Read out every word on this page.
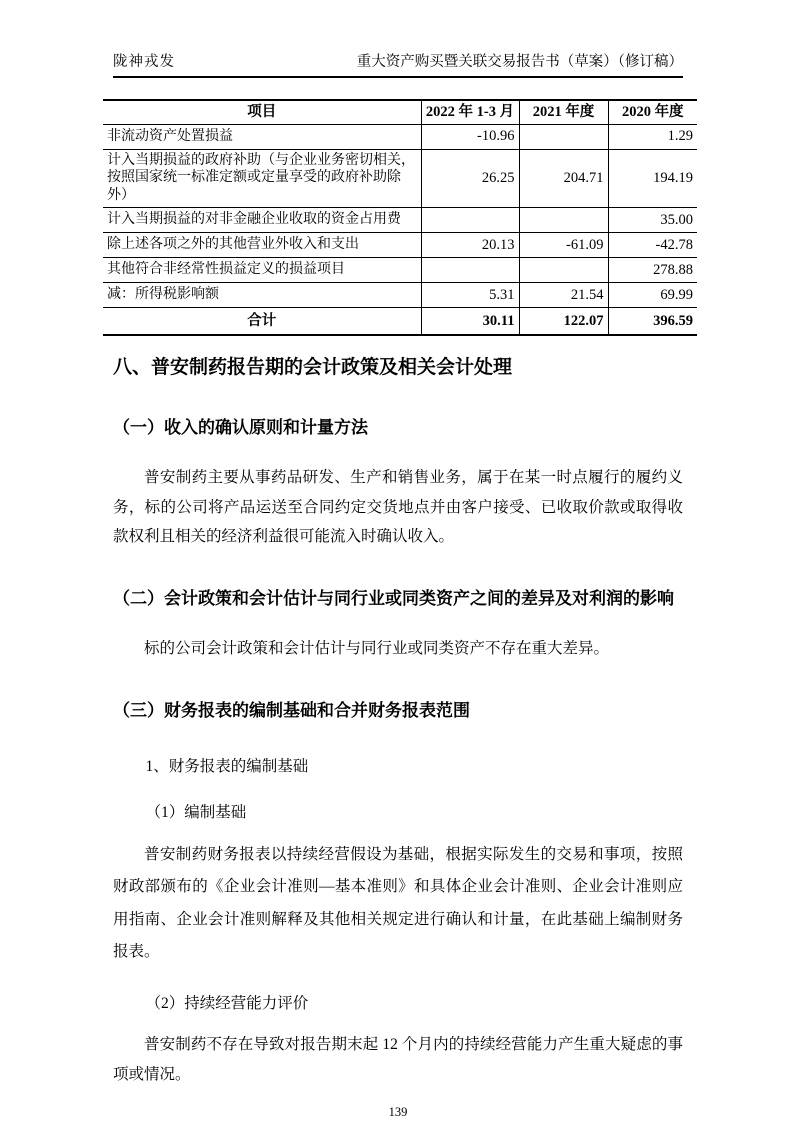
陇神戎发	重大资产购买暨关联交易报告书（草案）（修订稿）
项目	2022 年 1-3 月	2021 年度	2020 年度
非流动资产处置损益	-10.96		1.29
计入当期损益的政府补助（与企业业务密切相关，按照国家统一标准定额或定量享受的政府补助除外）	26.25	204.71	194.19
计入当期损益的对非金融企业收取的资金占用费			35.00
除上述各项之外的其他营业外收入和支出	20.13	-61.09	-42.78
其他符合非经常性损益定义的损益项目			278.88
减：所得税影响额	5.31	21.54	69.99
合计	30.11	122.07	396.59
八、普安制药报告期的会计政策及相关会计处理
（一）收入的确认原则和计量方法

普安制药主要从事药品研发、生产和销售业务，属于在某一时点履行的履约义务，标的公司将产品运送至合同约定交货地点并由客户接受、已收取价款或取得收款权利且相关的经济利益很可能流入时确认收入。

（二）会计政策和会计估计与同行业或同类资产之间的差异及对利润的影响

标的公司会计政策和会计估计与同行业或同类资产不存在重大差异。

（三）财务报表的编制基础和合并财务报表范围
1、财务报表的编制基础
（1）编制基础

普安制药财务报表以持续经营假设为基础，根据实际发生的交易和事项，按照财政部颁布的《企业会计准则—基本准则》和具体企业会计准则、企业会计准则应用指南、企业会计准则解释及其他相关规定进行确认和计量，在此基础上编制财务报表。

（2）持续经营能力评价

普安制药不存在导致对报告期末起 12 个月内的持续经营能力产生重大疑虑的事项或情况。

139
